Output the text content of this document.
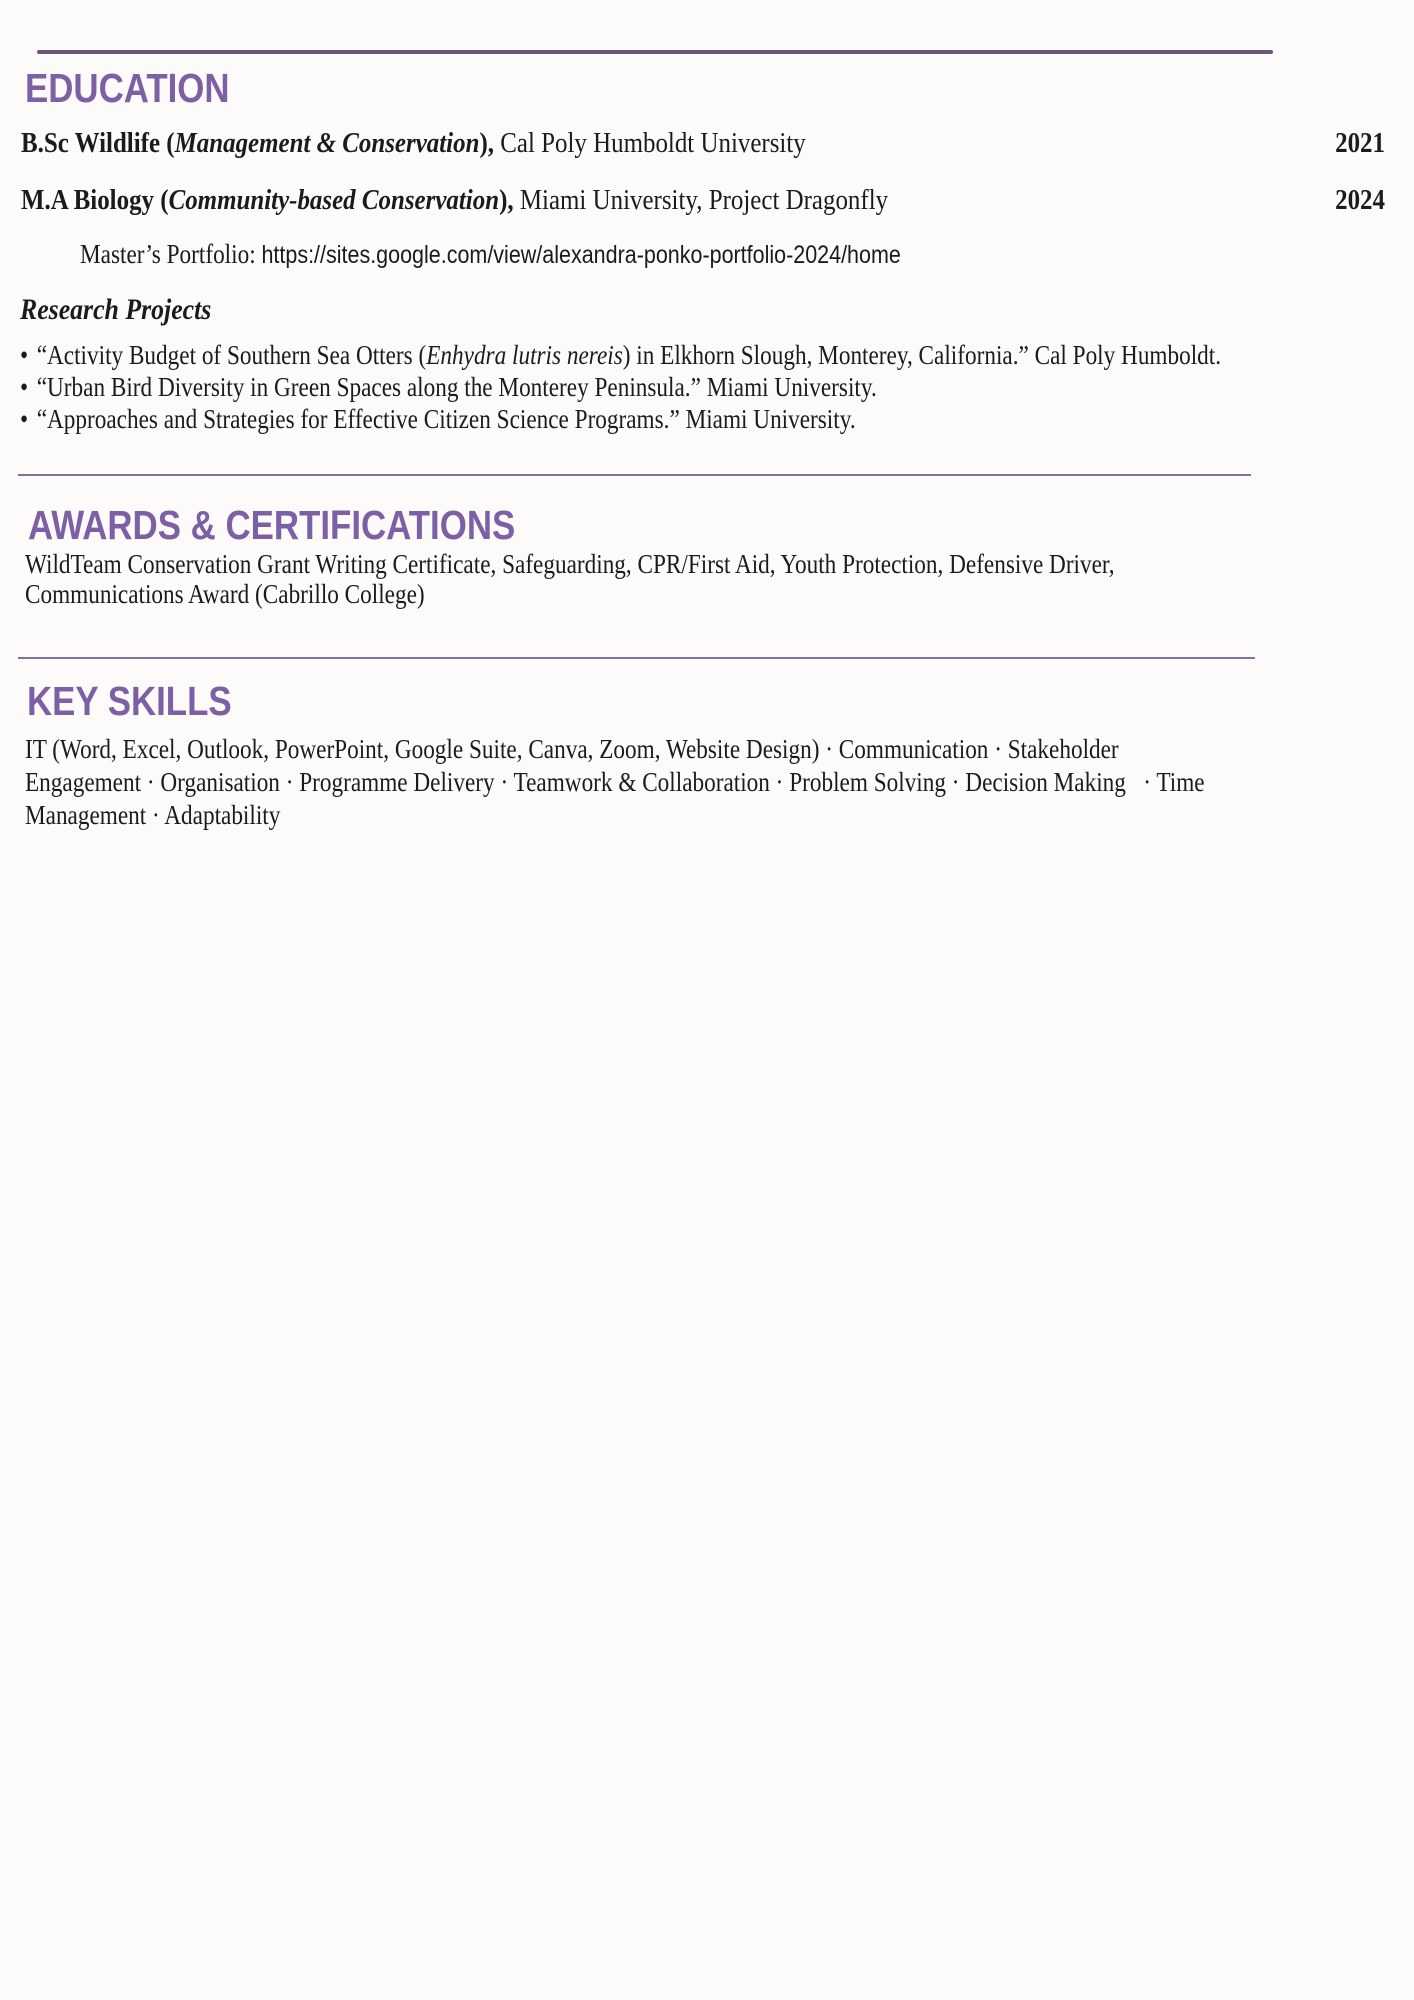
EDUCATION
B.Sc Wildlife (Management & Conservation), Cal Poly Humboldt University	2021
M.A Biology (Community-based Conservation), Miami University, Project Dragonfly	2024
Master’s Portfolio: https://sites.google.com/view/alexandra-ponko-portfolio-2024/home
Research Projects
• “Activity Budget of Southern Sea Otters (Enhydra lutris nereis) in Elkhorn Slough, Monterey, California.” Cal Poly Humboldt.
• “Urban Bird Diversity in Green Spaces along the Monterey Peninsula.” Miami University.
• “Approaches and Strategies for Effective Citizen Science Programs.” Miami University.
AWARDS & CERTIFICATIONS
WildTeam Conservation Grant Writing Certificate, Safeguarding, CPR/First Aid, Youth Protection, Defensive Driver,
Communications Award (Cabrillo College)
KEY SKILLS
IT (Word, Excel, Outlook, PowerPoint, Google Suite, Canva, Zoom, Website Design) · Communication · Stakeholder
Engagement · Organisation · Programme Delivery · Teamwork & Collaboration · Problem Solving · Decision Making   · Time
Management · Adaptability
